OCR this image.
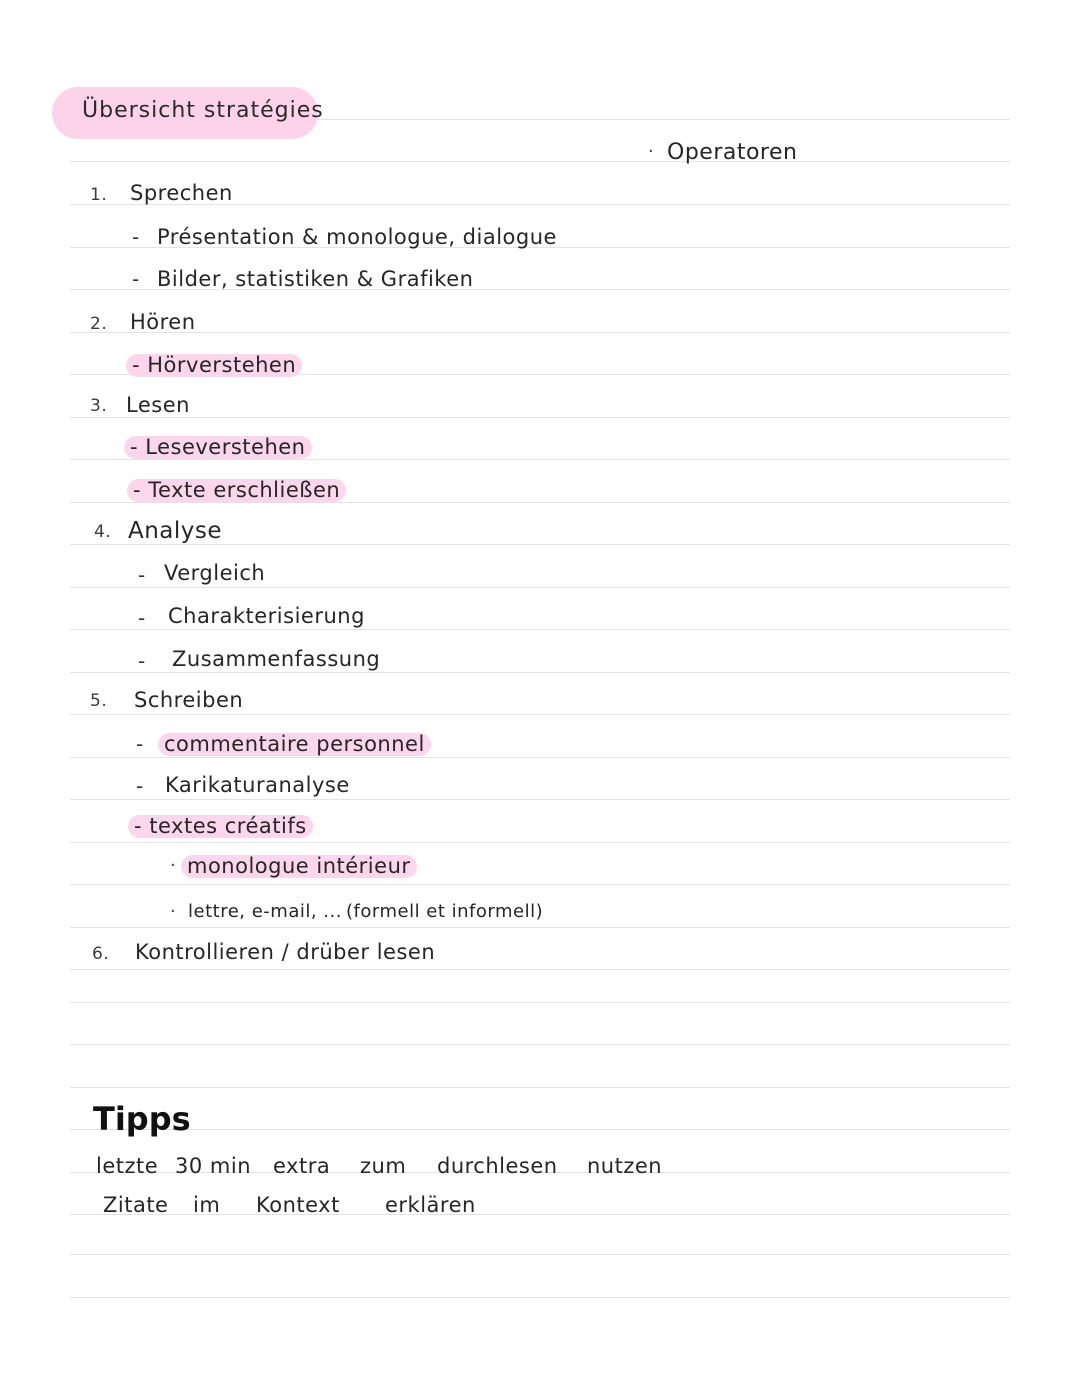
Übersicht stratégies
· Operatoren
1. Sprechen
- Présentation & monologue, dialogue
- Bilder, statistiken & Grafiken
2. Hören
- Hörverstehen
3. Lesen
- Leseverstehen
- Texte erschließen
4. Analyse
- Vergleich
- Charakterisierung
- Zusammenfassung
5. Schreiben
- commentaire personnel
- Karikaturanalyse
- textes créatifs
· monologue intérieur
· lettre, e-mail, ... (formell et informell)
6. Kontrollieren / drüber lesen
Tipps
letzte 30 min extra zum durchlesen nutzen
Zitate im Kontext erklären
